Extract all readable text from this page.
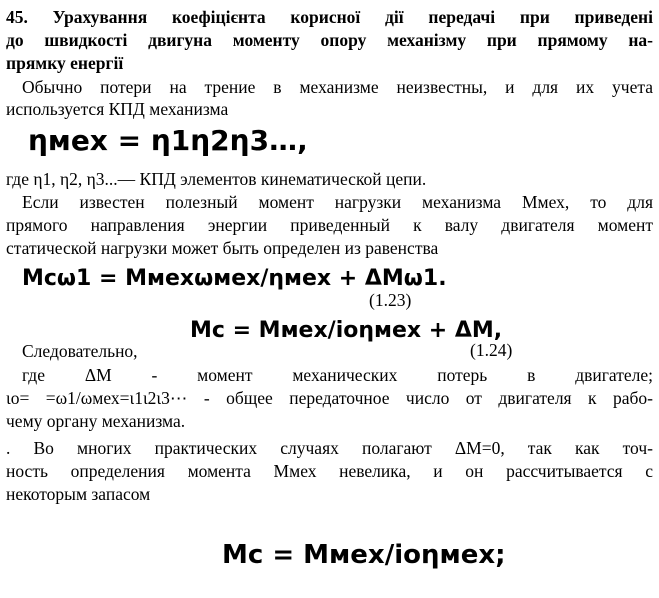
45. Урахування коефіцієнта корисної дії передачі при приведені
до швидкості двигуна моменту опору механізму при прямому на-
прямку енергії
Обычно потери на трение в механизме неизвестны, и для их учета
используется КПД механизма
ηмех = η1η2η3…,
где η1, η2, η3...— КПД элементов кинематической цепи.
Если известен полезный момент нагрузки механизма Mмех, то для
прямого направления энергии приведенный к валу двигателя момент
статической нагрузки может быть определен из равенства
Mсω1 = Mмехωмех/ηмех + ΔMω1.
(1.23)
Следовательно,
Mс = Mмех/iоηмех + ΔM,
(1.24)
где ΔM - момент механических потерь в двигателе;
ιo= =ω1/ωмех=ι1ι2ι3⋯ - общее передаточное число от двигателя к рабо-
чему органу механизма.
. Во многих практических случаях полагают ΔM=0, так как точ-
ность определения момента Ммех невелика, и он рассчитывается с
некоторым запасом
Mс = Mмех/iоηмех;
